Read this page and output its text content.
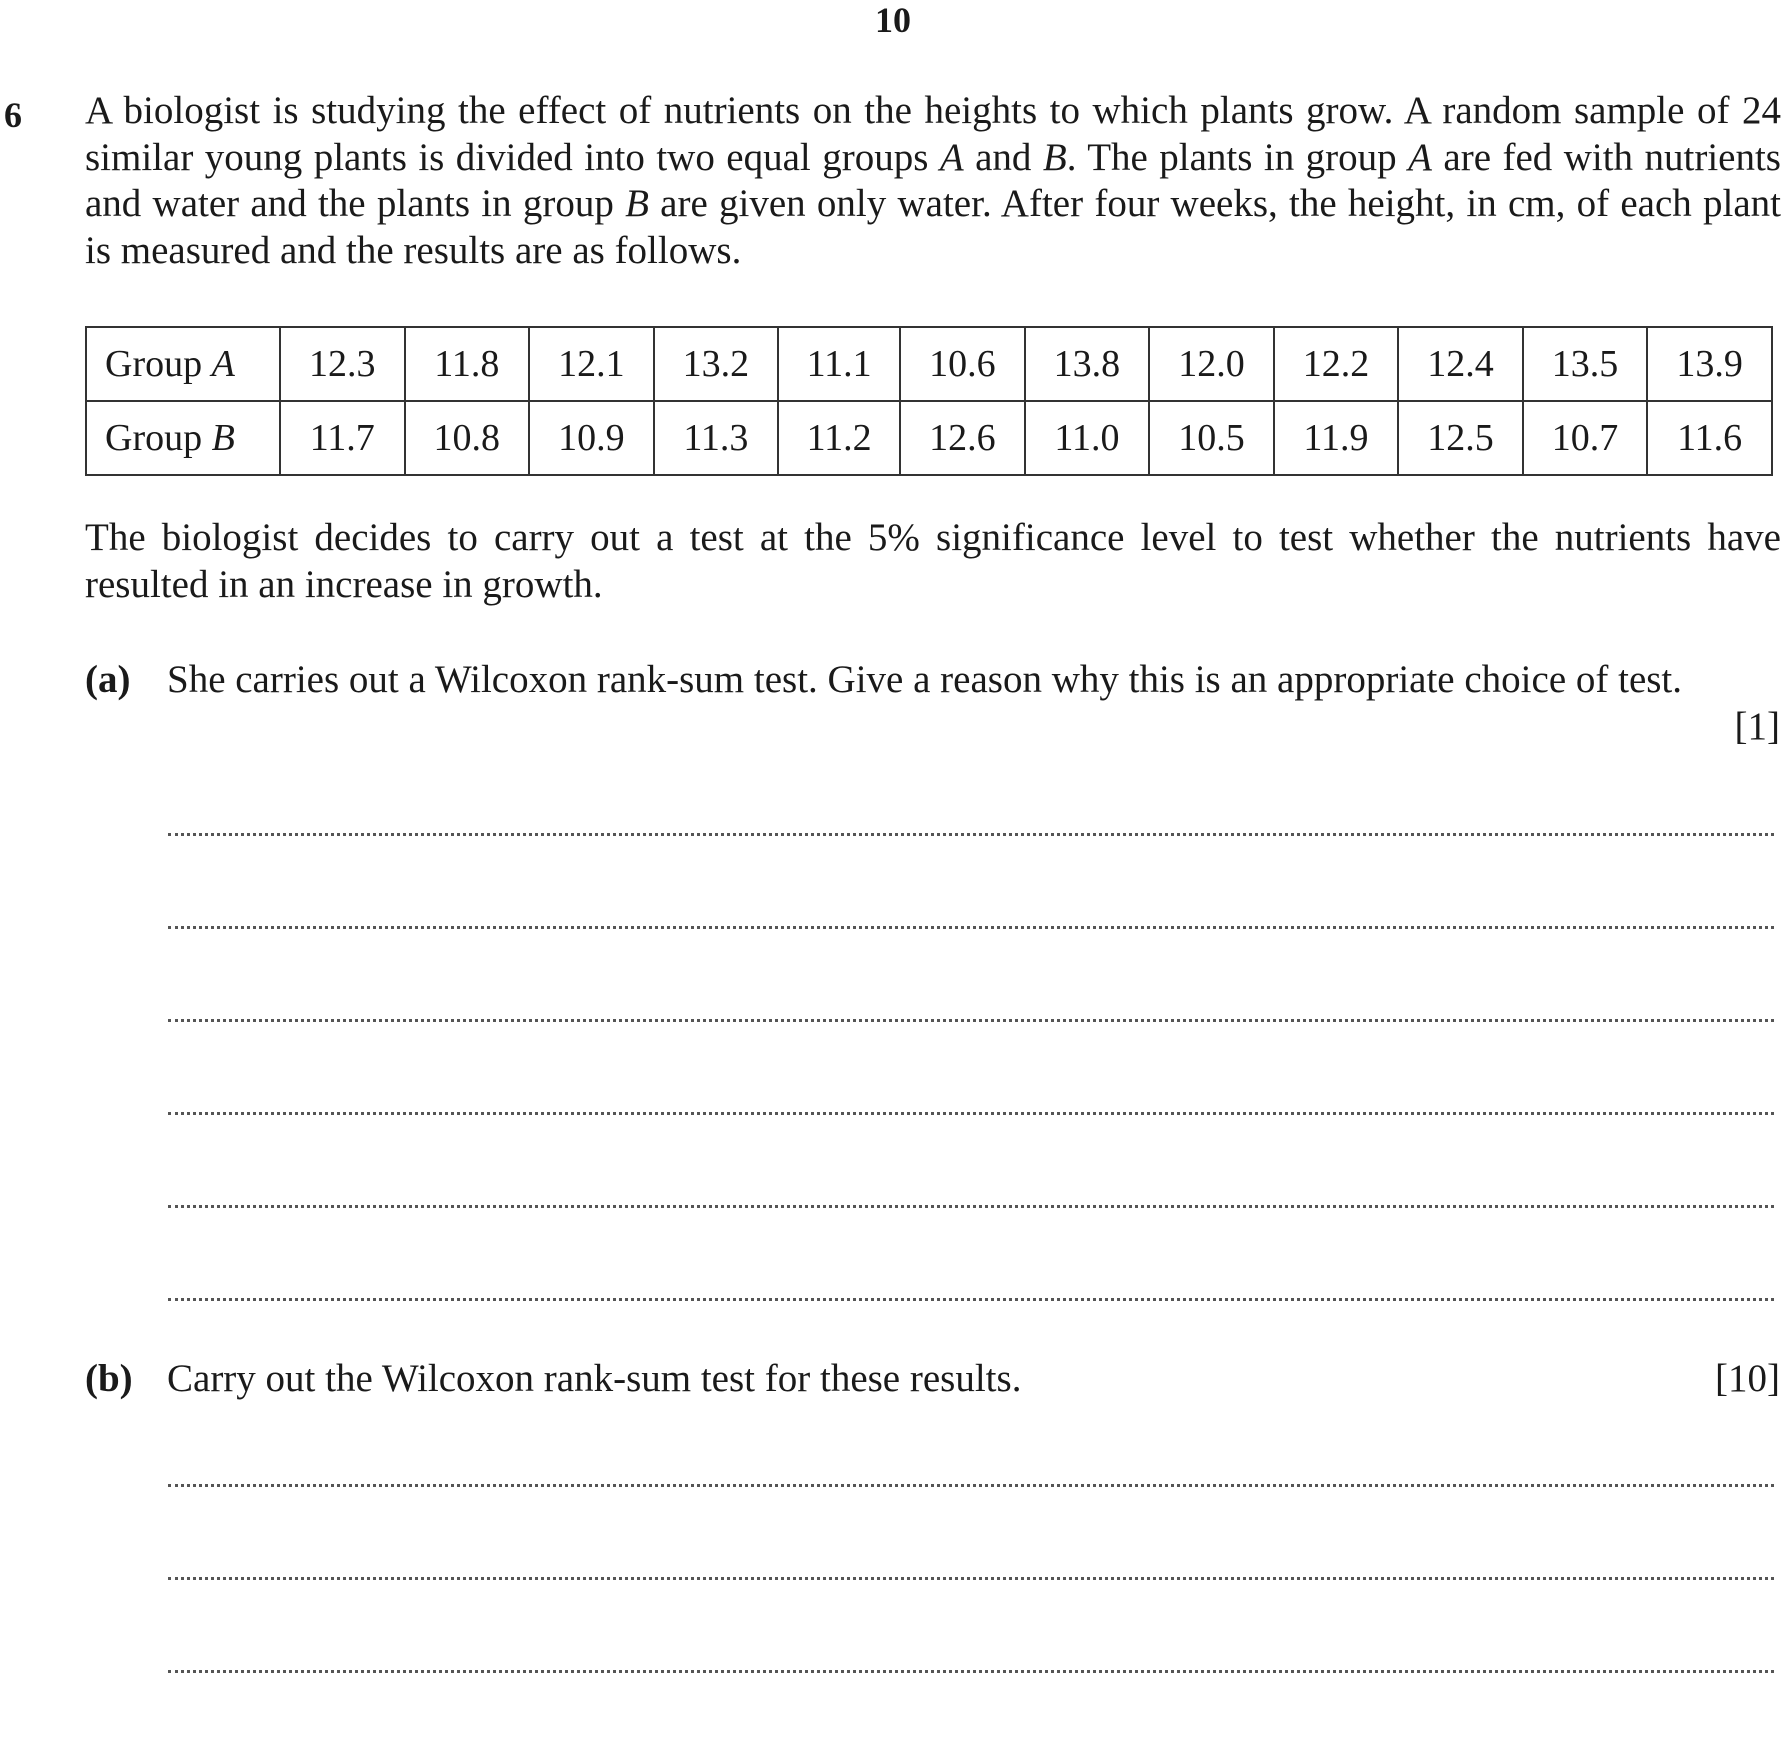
10
6 A biologist is studying the effect of nutrients on the heights to which plants grow. A random sample of 24 similar young plants is divided into two equal groups A and B. The plants in group A are fed with nutrients and water and the plants in group B are given only water. After four weeks, the height, in cm, of each plant is measured and the results are as follows.
Group A	12.3	11.8	12.1	13.2	11.1	10.6	13.8	12.0	12.2	12.4	13.5	13.9
Group B	11.7	10.8	10.9	11.3	11.2	12.6	11.0	10.5	11.9	12.5	10.7	11.6
The biologist decides to carry out a test at the 5% significance level to test whether the nutrients have resulted in an increase in growth.
(a) She carries out a Wilcoxon rank-sum test. Give a reason why this is an appropriate choice of test.
[1]
(b) Carry out the Wilcoxon rank-sum test for these results.	[10]
